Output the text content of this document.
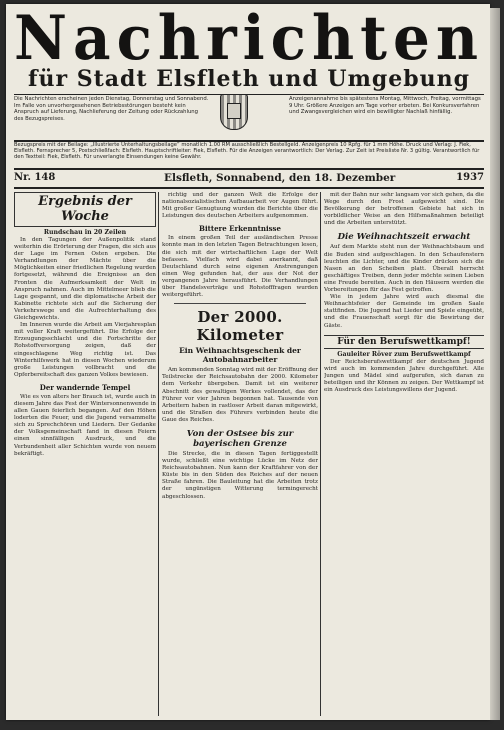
Nachrichten
für Stadt Elsfleth und Umgebung
Die Nachrichten erscheinen jeden Dienstag, Donnerstag und Sonnabend. Im Falle von unvorhergesehenen Betriebsstörungen besteht kein Anspruch auf Lieferung, Nachlieferung der Zeitung oder Rückzahlung des Bezugspreises.
Anzeigenannahme bis spätestens Montag, Mittwoch, Freitag, vormittags 9 Uhr. Größere Anzeigen am Tage vorher erbeten. Bei Konkursverfahren und Zwangsvergleichen wird ein bewilligter Nachlaß hinfällig.
Bezugspreis mit der Beilage: „Illustrierte Unterhaltungsbeilage“ monatlich 1.00 RM ausschließlich Bestellgeld. Anzeigenpreis 10 Rpfg. für 1 mm Höhe. Druck und Verlag: J. Fiek, Elsfleth. Fernsprecher 5, Postschließfach: Elsfleth. Hauptschriftleiter: Fiek, Elsfleth. Für die Anzeigen verantwortlich: Der Verlag. Zur Zeit ist Preisliste Nr. 3 gültig. Verantwortlich für den Textteil: Fiek, Elsfleth. Für unverlangte Einsendungen keine Gewähr.
Nr. 148	Elsfleth, Sonnabend, den 18. Dezember	1937
Ergebnis der Woche
Rundschau in 20 Zeilen

In den Tagungen der Außenpolitik stand weiterhin die Erörterung der Fragen, die sich aus der Lage im Fernen Osten ergeben. Die Verhandlungen der Mächte über die Möglichkeiten einer friedlichen Regelung wurden fortgesetzt, während die Ereignisse an den Fronten die Aufmerksamkeit der Welt in Anspruch nahmen. Auch im Mittelmeer blieb die Lage gespannt, und die diplomatische Arbeit der Kabinette richtete sich auf die Sicherung der Verkehrswege und die Aufrechterhaltung des Gleichgewichts.

Im Inneren wurde die Arbeit am Vierjahresplan mit voller Kraft weitergeführt. Die Erfolge der Erzeugungsschlacht und die Fortschritte der Rohstoffversorgung zeigen, daß der eingeschlagene Weg richtig ist. Das Winterhilfswerk hat in diesen Wochen wiederum große Leistungen vollbracht und die Opferbereitschaft des ganzen Volkes bewiesen.

Der wandernde Tempel

Wie es von alters her Brauch ist, wurde auch in diesem Jahre das Fest der Wintersonnenwende in allen Gauen feierlich begangen. Auf den Höhen loderten die Feuer, und die Jugend versammelte sich zu Sprechchören und Liedern. Der Gedanke der Volksgemeinschaft fand in diesen Feiern einen sinnfälligen Ausdruck, und die Verbundenheit aller Schichten wurde von neuem bekräftigt.

richtig und der ganzen Welt die Erfolge der nationalsozialistischen Aufbauarbeit vor Augen führt. Mit großer Genugtuung wurden die Berichte über die Leistungen des deutschen Arbeiters aufgenommen.

Bittere Erkenntnisse

In einem großen Teil der ausländischen Presse konnte man in den letzten Tagen Betrachtungen lesen, die sich mit der wirtschaftlichen Lage der Welt befassen. Vielfach wird dabei anerkannt, daß Deutschland durch seine eigenen Anstrengungen einen Weg gefunden hat, der aus der Not der vergangenen Jahre herausführt. Die Verhandlungen über Handelsverträge und Rohstofffragen wurden weitergeführt.

Der 2000. Kilometer
Ein Weihnachtsgeschenk der Autobahnarbeiter

Am kommenden Sonntag wird mit der Eröffnung der Teilstrecke der Reichsautobahn der 2000. Kilometer dem Verkehr übergeben. Damit ist ein weiterer Abschnitt des gewaltigen Werkes vollendet, das der Führer vor vier Jahren begonnen hat. Tausende von Arbeitern haben in rastloser Arbeit daran mitgewirkt, und die Straßen des Führers verbinden heute die Gaue des Reiches.

Von der Ostsee bis zur bayerischen Grenze

Die Strecke, die in diesen Tagen fertiggestellt wurde, schließt eine wichtige Lücke im Netz der Reichsautobahnen. Nun kann der Kraftfahrer von der Küste bis in den Süden des Reiches auf der neuen Straße fahren. Die Bauleitung hat die Arbeiten trotz der ungünstigen Witterung termingerecht abgeschlossen.

mit der Bahn nur sehr langsam vor sich gehen, da die Wege durch den Frost aufgeweicht sind. Die Bevölkerung der betroffenen Gebiete hat sich in vorbildlicher Weise an den Hilfsmaßnahmen beteiligt und die Arbeiten unterstützt.

Die Weihnachtszeit erwacht

Auf dem Markte steht nun der Weihnachtsbaum und die Buden sind aufgeschlagen. In den Schaufenstern leuchten die Lichter, und die Kinder drücken sich die Nasen an den Scheiben platt. Überall herrscht geschäftiges Treiben, denn jeder möchte seinen Lieben eine Freude bereiten. Auch in den Häusern werden die Vorbereitungen für das Fest getroffen.

Wie in jedem Jahre wird auch diesmal die Weihnachtsfeier der Gemeinde im großen Saale stattfinden. Die Jugend hat Lieder und Spiele eingeübt, und die Frauenschaft sorgt für die Bewirtung der Gäste.

Für den Berufswettkampf!
Gauleiter Röver zum Berufswettkampf

Der Reichsberufswettkampf der deutschen Jugend wird auch im kommenden Jahre durchgeführt. Alle Jungen und Mädel sind aufgerufen, sich daran zu beteiligen und ihr Können zu zeigen. Der Wettkampf ist ein Ausdruck des Leistungswillens der Jugend.
